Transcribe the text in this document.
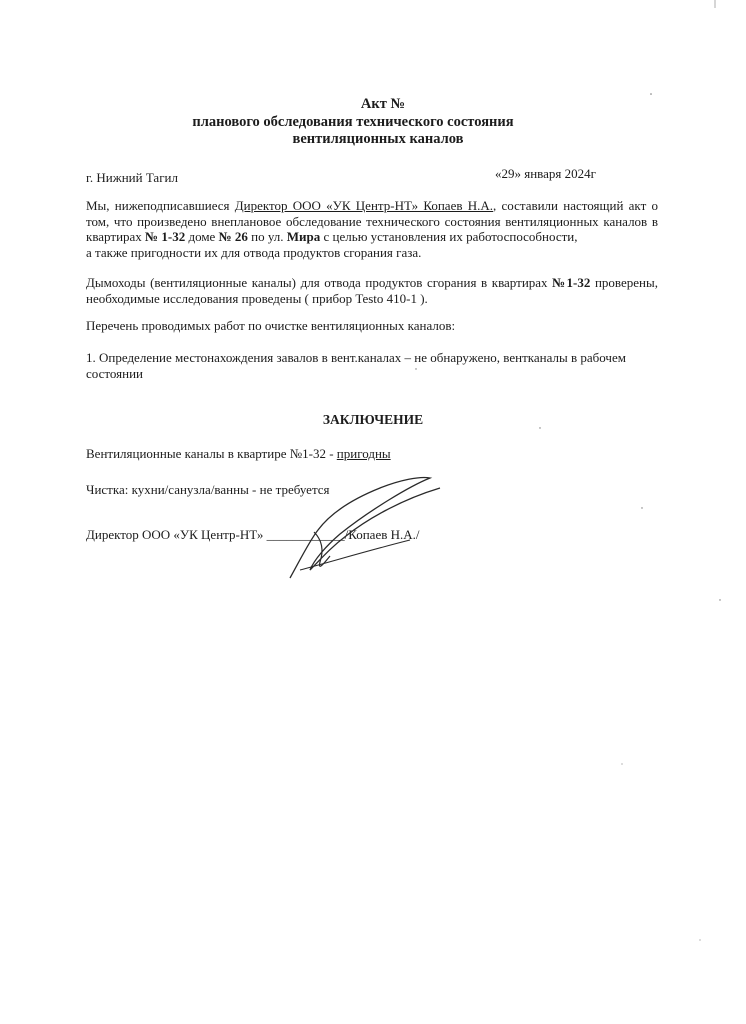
Акт №
планового обследования технического состояния
вентиляционных каналов
г. Нижний Тагил	«29» января 2024г
Мы, нижеподписавшиеся Директор ООО «УК Центр-НТ» Копаев Н.А., составили настоящий акт о том, что произведено внеплановое обследование технического состояния вентиляционных каналов в квартирах № 1-32 доме № 26 по ул. Мира с целью установления их работоспособности,
а также пригодности их для отвода продуктов сгорания газа.
Дымоходы (вентиляционные каналы) для отвода продуктов сгорания в квартирах №1-32 проверены, необходимые исследования проведены ( прибор Testo 410-1 ).
Перечень проводимых работ по очистке вентиляционных каналов:
1. Определение местонахождения завалов в вент.каналах – не обнаружено, вентканалы в рабочем состоянии
ЗАКЛЮЧЕНИЕ
Вентиляционные каналы в квартире №1-32 - пригодны
Чистка: кухни/санузла/ванны - не требуется
Директор ООО «УК Центр-НТ» ____________/Копаев Н.А./
